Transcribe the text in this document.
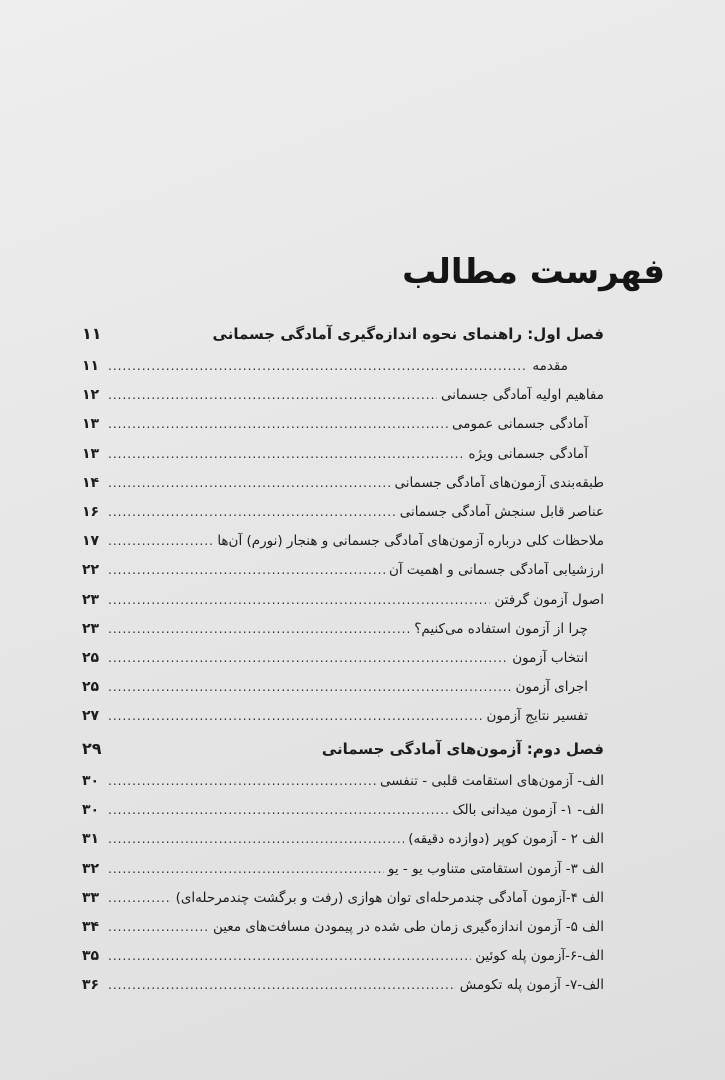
فهرست مطالب
فصل اول: راهنمای نحوه اندازه‌گیری آمادگی جسمانی
۱۱
مقدمه
.....
۱۱
مفاهیم اولیه آمادگی جسمانی
.....
۱۲
آمادگی جسمانی عمومی
.....
۱۳
آمادگی جسمانی ویژه
.....
۱۳
طبقه‌بندی آزمون‌های آمادگی جسمانی
.....
۱۴
عناصر قابل سنجش آمادگی جسمانی
.....
۱۶
ملاحظات کلی درباره آزمون‌های آمادگی جسمانی و هنجار (نورم) آن‌ها
.....
۱۷
ارزشیابی آمادگی جسمانی و اهمیت آن
.....
۲۲
اصول آزمون گرفتن
.....
۲۳
چرا از آزمون استفاده می‌کنیم؟
.....
۲۳
انتخاب آزمون
.....
۲۵
اجرای آزمون
.....
۲۵
تفسیر نتایج آزمون
.....
۲۷
فصل دوم: آزمون‌های آمادگی جسمانی
۲۹
الف- آزمون‌های استقامت قلبی - تنفسی
.....
۳۰
الف- ۱- آزمون میدانی بالک
.....
۳۰
الف ۲ - آزمون کوپر (دوازده دقیقه)
.....
۳۱
الف ۳- آزمون استقامتی متناوب یو - یو
.....
۳۲
الف ۴-آزمون آمادگی چندمرحله‌ای توان هوازی (رفت و برگشت چندمرحله‌ای)
.....
۳۳
الف ۵- آزمون اندازه‌گیری زمان طی شده در پیمودن مسافت‌های معین
.....
۳۴
الف-۶-آزمون پله کوئین
.....
۳۵
الف-۷- آزمون پله تکومش
.....
۳۶
